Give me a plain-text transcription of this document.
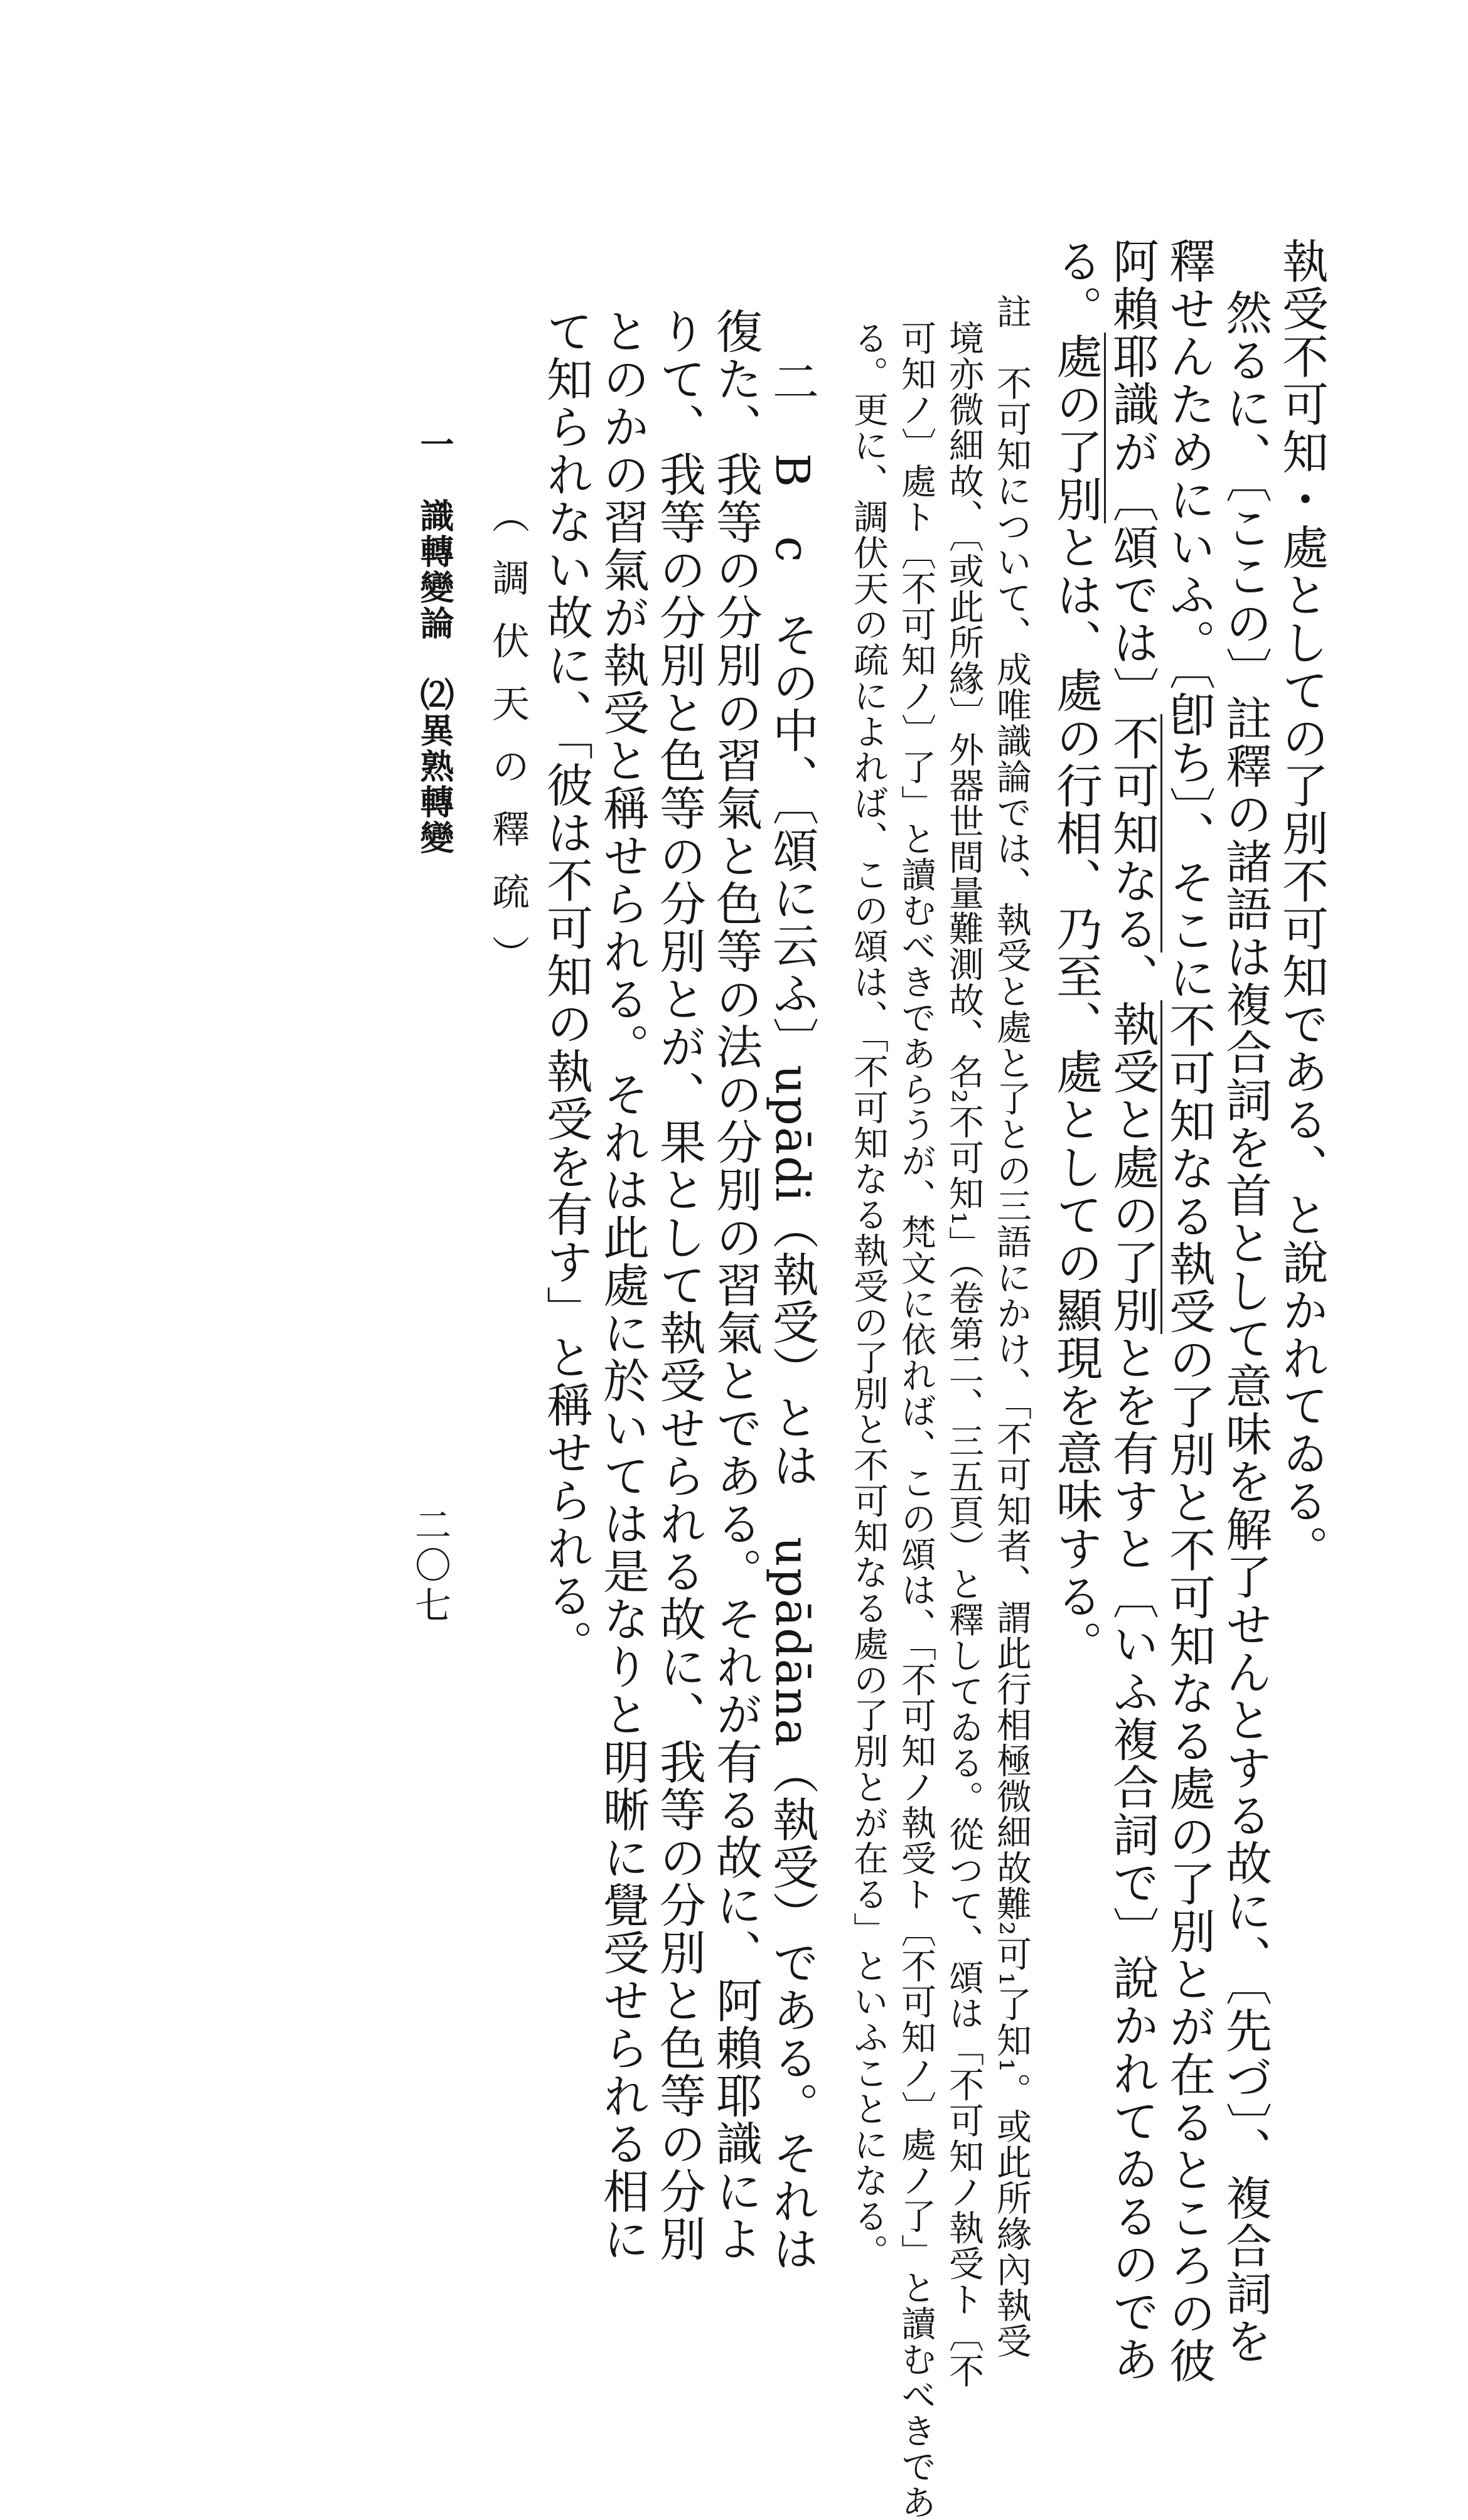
執受不可知・處としての了別不可知である、と說かれてゐる。
然るに、〔ここの〕註釋の諸語は複合詞を首として意味を解了せんとする故に、〔先づ〕、複合詞を
釋せんためにいふ。〔卽ち〕、そこに不可知なる執受の了別と不可知なる處の了別とが在るところの彼
阿賴耶識が〔頌では〕不可知なる、執受と處の了別とを有すと〔いふ複合詞で〕說かれてゐるのであ
る。處の了別とは、處の行相、乃至、處としての顯現を意味する。
註　不可知について、成唯識論では、執受と處と了との三語にかけ、「不可知者、謂此行相極微細故難₂可₁了知₁。或此所緣內執受
境亦微細故、〔或此所緣〕外器世間量難測故、名₂不可知₁」（卷第二、三五頁）と釋してゐる。從つて、頌は「不可知ノ執受ト〔不
可知ノ〕處ト〔不可知ノ〕了」と讀むべきであらうが、梵文に依れば、この頌は、「不可知ノ執受ト〔不可知ノ〕處ノ了」と讀むべきであ
る。更に、調伏天の疏によれば、この頌は、「不可知なる執受の了別と不可知なる處の了別とが在る」といふことになる。
二　B　c　その中、〔頌に云ふ〕upādi（執受）とは　upādāna（執受）である。それは
復た、我等の分別の習氣と色等の法の分別の習氣とである。それが有る故に、阿賴耶識によ
りて、我等の分別と色等の分別とが、果として執受せられる故に、我等の分別と色等の分別
とのかの習氣が執受と稱せられる。それは此處に於いては是なりと明晰に覺受せられる相に
て知られない故に、「彼は不可知の執受を有す」と稱せられる。
（調伏天の釋疏）
一　識轉變論　⑵異熟轉變
二〇七
